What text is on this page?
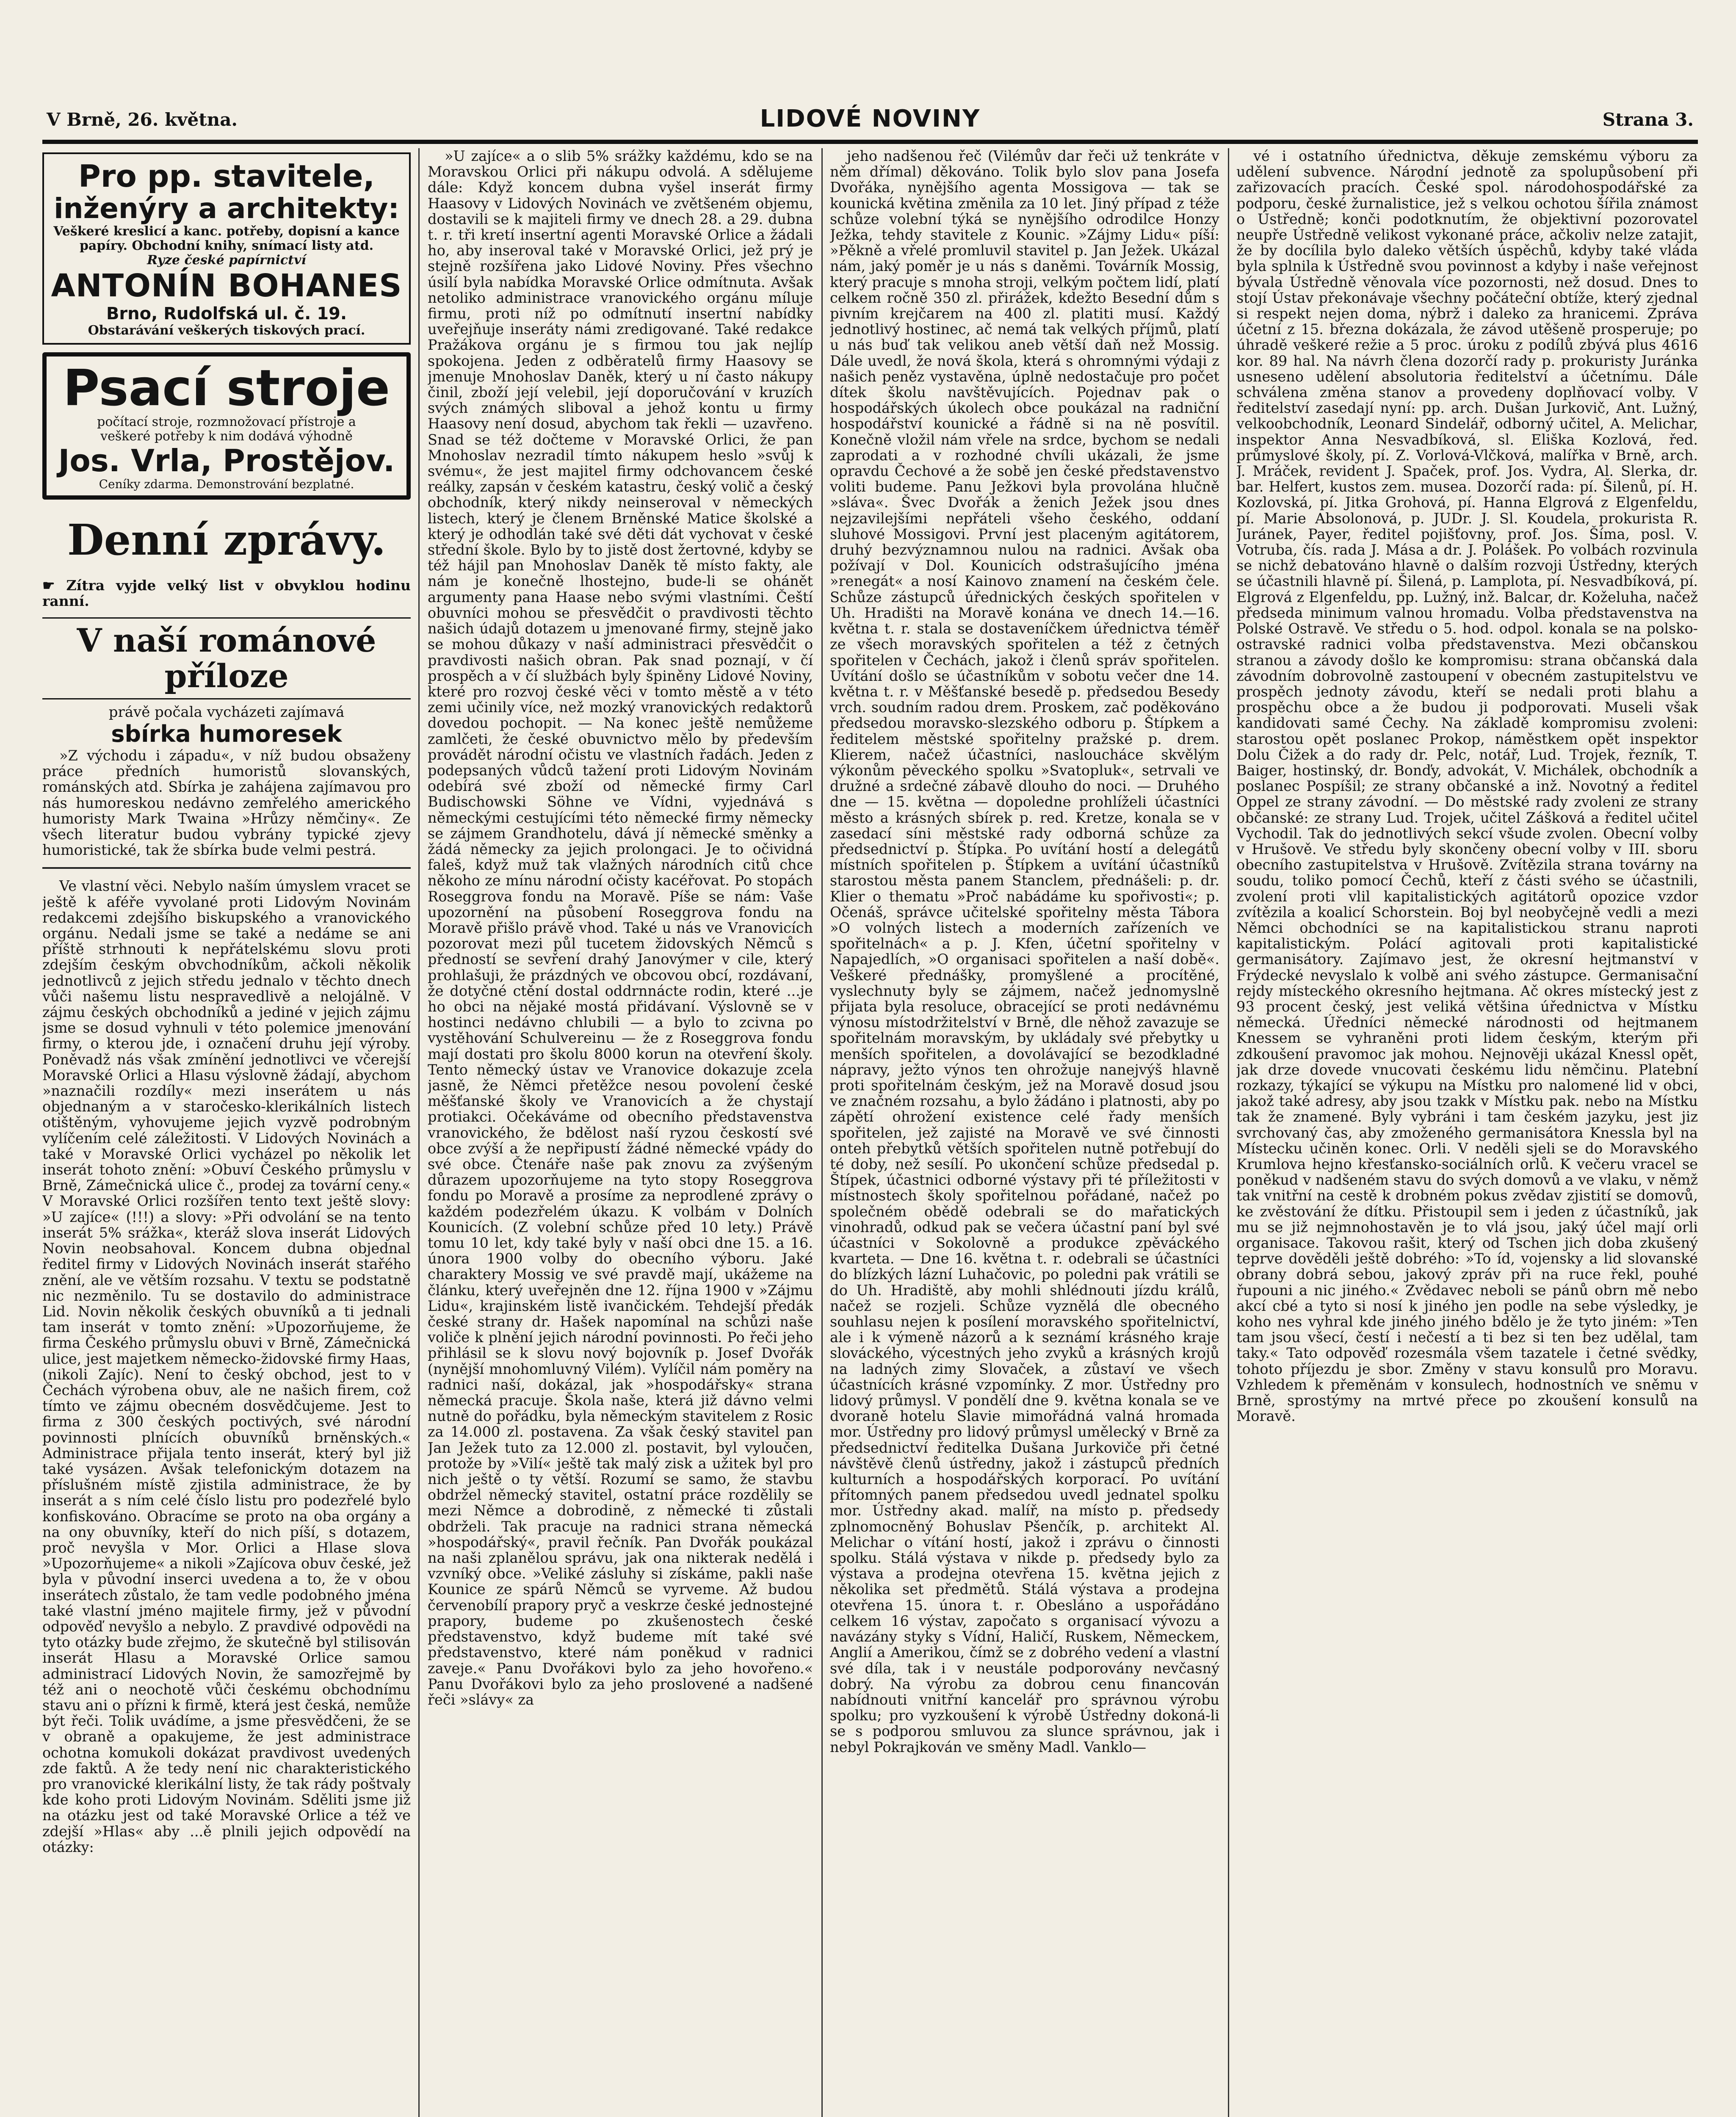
V Brně, 26. května.	LIDOVÉ NOVINY	Strana 3.
Pro pp. stavitele,
inženýry a architekty:
Veškeré kreslicí a kanc. potřeby, dopisní a kance
papíry. Obchodní knihy, snímací listy atd.
Ryze české papírnictví
ANTONÍN BOHANES
Brno, Rudolfská ul. č. 19.
Obstarávání veškerých tiskových prací.
Psací stroje
počítací stroje, rozmnožovací přístroje a
veškeré potřeby k nim dodává výhodně
Jos. Vrla, Prostějov.
Ceníky zdarma. Demonstrování bezplatné.
Denní zprávy.
☛ Zítra vyjde velký list v obvyklou hodinu ranní.
V naší románové příloze
právě počala vycházeti zajímavá
sbírka humoresek

»Z východu i západu«, v níž budou obsaženy práce předních humoristů slovanských, románských atd. Sbírka je zahájena zajímavou pro nás humoreskou nedávno zemřelého amerického humoristy Mark Twaina »Hrůzy němčiny«. Ze všech literatur budou vybrány typické zjevy humoristické, tak že sbírka bude velmi pestrá.

Ve vlastní věci. Nebylo naším úmyslem vracet se ještě k aféře vyvolané proti Lidovým Novinám redakcemi zdejšího biskupského a vranovického orgánu. Nedali jsme se také a nedáme se ani příště strhnouti k nepřátelskému slovu proti zdejším českým obvchodníkům, ačkoli několik jednotlivců z jejich středu jednalo v těchto dnech vůči našemu listu nespravedlivě a nelojálně. V zájmu českých obchodníků a jediné v jejich zájmu jsme se dosud vyhnuli v této polemice jmenování firmy, o kterou jde, i označení druhu její výroby. Poněvadž nás však zmínění jednotlivci ve včerejší Moravské Orlici a Hlasu výslovně žádají, abychom »naznačili rozdíly« mezi inserátem u nás objednaným a v staročesko-klerikálních listech otištěným, vyhovujeme jejich vyzvě podrobným vylíčením celé záležitosti. V Lidových Novinách a také v Moravské Orlici vycházel po několik let inserát tohoto znění: »Obuví Českého průmyslu v Brně, Zámečnická ulice č., prodej za tovární ceny.« V Moravské Orlici rozšířen tento text ještě slovy: »U zajíce« (!!!) a slovy: »Při odvolání se na tento inserát 5% srážka«, kteráž slova inserát Lidových Novin neobsahoval. Koncem dubna objednal ředitel firmy v Lidových Novinách inserát stařého znění, ale ve větším rozsahu. V textu se podstatně nic nezměnilo. Tu se dostavilo do administrace Lid. Novin několik českých obuvníků a ti jednali tam inserát v tomto znění: »Upozorňujeme, že firma Českého průmyslu obuvi v Brně, Zámečnická ulice, jest majetkem německo-židovské firmy Haas, (nikoli Zajíc). Není to český obchod, jest to v Čechách výrobena obuv, ale ne našich firem, což tímto ve zájmu obecném dosvědčujeme. Jest to firma z 300 českých poctivých, své národní povinnosti plnících obuvníků brněnských.« Administrace přijala tento inserát, který byl již také vysázen. Avšak telefonickým dotazem na příslušném místě zjistila administrace, že by inserát a s ním celé číslo listu pro podezřelé bylo konfiskováno. Obracíme se proto na oba orgány a na ony obuvníky, kteří do nich píší, s dotazem, proč nevyšla v Mor. Orlici a Hlase slova »Upozorňujeme« a nikoli »Zajícova obuv české, jež byla v původní inserci uvedena a to, že v obou inserátech zůstalo, že tam vedle podobného jména také vlastní jméno majitele firmy, jež v původní odpověď nevyšlo a nebylo. Z pravdivé odpovědi na tyto otázky bude zřejmo, že skutečně byl stilisován inserát Hlasu a Moravské Orlice samou administrací Lidových Novin, že samozřejmě by též ani o neochotě vůči českému obchodnímu stavu ani o přízni k firmě, která jest česká, nemůže být řeči. Tolik uvádíme, a jsme přesvědčeni, že se v obraně a opakujeme, že jest administrace ochotna komukoli dokázat pravdivost uvedených zde faktů. A že tedy není nic charakteristického pro vranovické klerikální listy, že tak rády poštvaly kde koho proti Lidovým Novinám. Sděliti jsme již na otázku jest od také Moravské Orlice a též ve zdejší »Hlas« aby ...ě plnili jejich odpovědí na otázky:

»U zajíce« a o slib 5% srážky každému, kdo se na Moravskou Orlici při nákupu odvolá. A sdělujeme dále: Když koncem dubna vyšel inserát firmy Haasovy v Lidových Novinách ve zvětšeném objemu, dostavili se k majiteli firmy ve dnech 28. a 29. dubna t. r. tři kretí insertní agenti Moravské Orlice a žádali ho, aby inseroval také v Moravské Orlici, jež prý je stejně rozšířena jako Lidové Noviny. Přes všechno úsilí byla nabídka Moravské Orlice odmítnuta. Avšak netoliko administrace vranovického orgánu míluje firmu, proti níž po odmítnutí insertní nabídky uveřejňuje inseráty námi zredigované. Také redakce Pražákova orgánu je s firmou tou jak nejlíp spokojena. Jeden z odběratelů firmy Haasovy se jmenuje Mnohoslav Daněk, který u ní často nákupy činil, zboží její velebil, její doporučování v kruzích svých známých sliboval a jehož kontu u firmy Haasovy není dosud, abychom tak řekli — uzavřeno. Snad se též dočteme v Moravské Orlici, že pan Mnohoslav nezradil tímto nákupem heslo »svůj k svému«, že jest majitel firmy odchovancem české reálky, zapsán v českém katastru, český volič a český obchodník, který nikdy neinseroval v německých listech, který je členem Brněnské Matice školské a který je odhodlán také své děti dát vychovat v české střední škole. Bylo by to jistě dost žertovné, kdyby se též hájil pan Mnohoslav Daněk tě místo fakty, ale nám je konečně lhostejno, bude-li se ohánět argumenty pana Haase nebo svými vlastními. Čeští obuvníci mohou se přesvědčit o pravdivosti těchto našich údajů dotazem u jmenované firmy, stejně jako se mohou důkazy v naší administraci přesvědčit o pravdivosti našich obran. Pak snad poznají, v čí prospěch a v čí službách byly špiněny Lidové Noviny, které pro rozvoj české věci v tomto městě a v této zemi učinily více, než mozký vranovických redaktorů dovedou pochopit. — Na konec ještě nemůžeme zamlčeti, že české obuvnictvo mělo by především provádět národní očistu ve vlastních řadách. Jeden z podepsaných vůdců tažení proti Lidovým Novinám odebírá své zboží od německé firmy Carl Budischowski Söhne ve Vídni, vyjednává s německými cestujícími této německé firmy německy se zájmem Grandhotelu, dává jí německé směnky a žádá německy za jejich prolongaci. Je to očividná faleš, když muž tak vlažných národních citů chce někoho ze mínu národní očisty kacéřovat. Po stopách Roseggrova fondu na Moravě. Píše se nám: Vaše upozornění na působení Roseggrova fondu na Moravě přišlo právě vhod. Také u nás ve Vranovicích pozorovat mezi půl tucetem židovských Němců s předností se sevření drahý Janovýmer v cile, který prohlašuji, že prázdných ve obcovou obcí, rozdávaní, že dotyčné ctění dostal oddrnnácte rodin, které ...je ho obci na nějaké mostá přidávaní. Výslovně se v hostinci nedávno chlubili — a bylo to zcivna po vystěhování Schulvereinu — že z Roseggrova fondu mají dostati pro školu 8000 korun na otevření školy. Tento německý ústav ve Vranovice dokazuje zcela jasně, že Němci přetěžce nesou povolení české měšťanské školy ve Vranovicích a že chystají protiakci. Očekáváme od obecního představenstva vranovického, že bdělost naší ryzou českostí své obce zvýší a že nepřipustí žádné německé vpády do své obce. Čtenáře naše pak znovu za zvýšeným důrazem upozorňujeme na tyto stopy Roseggrova fondu po Moravě a prosíme za neprodlené zprávy o každém podezřelém úkazu. K volbám v Dolních Kounicích. (Z volební schůze před 10 lety.) Právě tomu 10 let, kdy také byly v naší obci dne 15. a 16. února 1900 volby do obecního výboru. Jaké charaktery Mossig ve své pravdě mají, ukážeme na článku, který uveřejněn dne 12. října 1900 v »Zájmu Lidu«, krajinském listě ivančickém. Tehdejší předák české strany dr. Hašek napomínal na schůzi naše voliče k plnění jejich národní povinnosti. Po řeči jeho přihlásil se k slovu nový bojovník p. Josef Dvořák (nynější mnohomluvný Vilém). Vylíčil nám poměry na radnici naší, dokázal, jak »hospodářsky« strana německá pracuje. Škola naše, která již dávno velmi nutně do pořádku, byla německým stavitelem z Rosic za 14.000 zl. postavena. Za však český stavitel pan Jan Ježek tuto za 12.000 zl. postavit, byl vyloučen, protože by »Vilí« ještě tak malý zisk a užitek byl pro nich ještě o ty větší. Rozumí se samo, že stavbu obdržel německý stavitel, ostatní práce rozdělily se mezi Němce a dobrodině, z německé ti zůstali obdrželi. Tak pracuje na radnici strana německá »hospodářský«, pravil řečník. Pan Dvořák poukázal na naši zplanělou správu, jak ona nikterak nedělá i vzvníký obce. »Veliké zásluhy si získáme, pakli naše Kounice ze spárů Němců se vyrveme. Až budou červenobílí prapory pryč a veskrze české jednostejné prapory, budeme po zkušenostech české představenstvo, když budeme mít také své představenstvo, které nám poněkud v radnici zaveje.« Panu Dvořákovi bylo za jeho hovořeno.« Panu Dvořákovi bylo za jeho proslovené a nadšené řeči »slávy« za

jeho nadšenou řeč (Vilémův dar řeči už tenkráte v něm dřímal) děkováno. Tolik bylo slov pana Josefa Dvořáka, nynějšího agenta Mossigova — tak se kounická květina změnila za 10 let. Jiný případ z téže schůze volební týká se nynějšího odrodilce Honzy Ježka, tehdy stavitele z Kounic. »Zájmy Lidu« píší: »Pěkně a vřelé promluvil stavitel p. Jan Ježek. Ukázal nám, jaký poměr je u nás s daněmi. Továrník Mossig, který pracuje s mnoha stroji, velkým počtem lidí, platí celkem ročně 350 zl. přirážek, kdežto Besední dům s pivním krejčarem na 400 zl. platiti musí. Každý jednotlivý hostinec, ač nemá tak velkých příjmů, platí u nás buď tak velikou aneb větší daň než Mossig. Dále uvedl, že nová škola, která s ohromnými výdaji z našich peněz vystavěna, úplně nedostačuje pro počet dítek školu navštěvujících. Pojednav pak o hospodářských úkolech obce poukázal na radniční hospodářství kounické a řádně si na ně posvítil. Konečně vložil nám vřele na srdce, bychom se nedali zaprodati a v rozhodné chvíli ukázali, že jsme opravdu Čechové a že sobě jen české představenstvo voliti budeme. Panu Ježkovi byla provolána hlučně »sláva«. Švec Dvořák a ženich Ježek jsou dnes nejzavilejšími nepřáteli všeho českého, oddaní sluhové Mossigovi. První jest placeným agitátorem, druhý bezvýznamnou nulou na radnici. Avšak oba požívají v Dol. Kounicích odstrašujícího jména »renegát« a nosí Kainovo znamení na českém čele. Schůze zástupců úřednických českých spořitelen v Uh. Hradišti na Moravě konána ve dnech 14.—16. května t. r. stala se dostaveníčkem úřednictva téměř ze všech moravských spořitelen a též z četných spořitelen v Čechách, jakož i členů správ spořitelen. Uvítání došlo se účastníkům v sobotu večer dne 14. května t. r. v Měšťanské besedě p. předsedou Besedy vrch. soudním radou drem. Proskem, zač poděkováno předsedou moravsko-slezského odboru p. Štípkem a ředitelem městské spořitelny pražské p. drem. Klierem, načež účastníci, nasloucháce skvělým výkonům pěveckého spolku »Svatopluk«, setrvali ve družné a srdečné zábavě dlouho do noci. — Druhého dne — 15. května — dopoledne prohlíželi účastníci město a krásných sbírek p. red. Kretze, konala se v zasedací síni městské rady odborná schůze za předsednictví p. Štípka. Po uvítání hostí a delegátů místních spořitelen p. Štípkem a uvítání účastníků starostou města panem Stanclem, přednášeli: p. dr. Klier o thematu »Proč nabádáme ku spořivosti«; p. Očenáš, správce učitelské spořitelny města Tábora »O volných listech a moderních zařízeních ve spořitelnách« a p. J. Kfen, účetní spořitelny v Napajedlích, »O organisaci spořitelen a naší době«. Veškeré přednášky, promyšlené a procítěné, vyslechnuty byly se zájmem, načež jednomyslně přijata byla resoluce, obracející se proti nedávnému výnosu místodržitelství v Brně, dle něhož zavazuje se spořitelnám moravským, by ukládaly své přebytky u menších spořitelen, a dovolávající se bezodkladné nápravy, ježto výnos ten ohrožuje nanejvýš hlavně proti spořitelnám českým, jež na Moravě dosud jsou ve značném rozsahu, a bylo žádáno i platnosti, aby po zápětí ohrožení existence celé řady menších spořitelen, jež zajisté na Moravě ve své činnosti onteh přebytků větších spořitelen nutně potřebují do té doby, než sesílí. Po ukončení schůze předsedal p. Štípek, účastnici odborné výstavy při té příležitosti v místnostech školy spořitelnou pořádané, načež po společném obědě odebrali se do mařatických vinohradů, odkud pak se večera účastní paní byl své účastníci v Sokolovně a produkce zpěváckého kvarteta. — Dne 16. května t. r. odebrali se účastníci do blízkých lázní Luhačovic, po poledni pak vrátili se do Uh. Hradiště, aby mohli shlédnouti jízdu králů, načež se rozjeli. Schůze vyznělá dle obecného souhlasu nejen k posílení moravského spořitelnictví, ale i k výmeně názorů a k seznámí krásného kraje slováckého, výcestných jeho zvyků a krásných krojů na ladných zimy Slovaček, a zůstaví ve všech účastnících krásné vzpomínky. Z mor. Ústředny pro lidový průmysl. V pondělí dne 9. května konala se ve dvoraně hotelu Slavie mimořádná valná hromada mor. Ústředny pro lidový průmysl umělecký v Brně za předsednictví ředitelka Dušana Jurkoviče při četné návštěvě členů ústředny, jakož i zástupců předních kulturních a hospodářských korporací. Po uvítání přítomných panem předsedou uvedl jednatel spolku mor. Ústředny akad. malíř, na místo p. předsedy zplnomocněný Bohuslav Pšenčík, p. architekt Al. Melichar o vítání hostí, jakož i zprávu o činnosti spolku. Stálá výstava v nikde p. předsedy bylo za výstava a prodejna otevřena 15. května jejich z několika set předmětů. Stálá výstava a prodejna otevřena 15. února t. r. Obesláno a uspořádáno celkem 16 výstav, započato s organisací vývozu a navázány styky s Vídní, Haličí, Ruskem, Německem, Anglií a Amerikou, čímž se z dobrého vedení a vlastní své díla, tak i v neustále podporovány nevčasný dobrý. Na výrobu za dobrou cenu financován nabídnouti vnitřní kancelář pro správnou výrobu spolku; pro vyzkoušení k výrobě Ústředny dokoná-li se s podporou smluvou za slunce správnou, jak i nebyl Pokrajkován ve směny Madl. Vanklo—

vé i ostatního úřednictva, děkuje zemskému výboru za udělení subvence. Národní jednotě za spolupůsobení při zařizovacích pracích. České spol. národohospodářské za podporu, české žurnalistice, jež s velkou ochotou šířila známost o Ústředně; konči podotknutím, že objektivní pozorovatel neupře Ústředně velikost vykonané práce, ačkoliv nelze zatajit, že by docílila bylo daleko větších úspěchů, kdyby také vláda byla splnila k Ústředně svou povinnost a kdyby i naše veřejnost bývala Ústředně věnovala více pozornosti, než dosud. Dnes to stojí Ústav překonávaje všechny počáteční obtíže, který zjednal si respekt nejen doma, nýbrž i daleko za hranicemi. Zpráva účetní z 15. března dokázala, že závod utěšeně prosperuje; po úhradě veškeré režie a 5 proc. úroku z podílů zbývá plus 4616 kor. 89 hal. Na návrh člena dozorčí rady p. prokuristy Juránka usneseno udělení absolutoria ředitelství a účetnímu. Dále schválena změna stanov a provedeny doplňovací volby. V ředitelství zasedají nyní: pp. arch. Dušan Jurkovič, Ant. Lužný, velkoobchodník, Leonard Sindelář, odborný učitel, A. Melichar, inspektor Anna Nesvadbíková, sl. Eliška Kozlová, řed. průmyslové školy, pí. Z. Vorlová-Vlčková, malířka v Brně, arch. J. Mráček, revident J. Spaček, prof. Jos. Vydra, Al. Slerka, dr. bar. Helfert, kustos zem. musea. Dozorčí rada: pí. Šilenů, pí. H. Kozlovská, pí. Jitka Grohová, pí. Hanna Elgrová z Elgenfeldu, pí. Marie Absolonová, p. JUDr. J. Sl. Koudela, prokurista R. Juránek, Payer, ředitel pojišťovny, prof. Jos. Šíma, posl. V. Votruba, čís. rada J. Mása a dr. J. Polášek. Po volbách rozvinula se nichž debatováno hlavně o dalším rozvoji Ústředny, kterých se účastnili hlavně pí. Šilená, p. Lamplota, pí. Nesvadbíková, pí. Elgrová z Elgenfeldu, pp. Lužný, inž. Balcar, dr. Koželuha, načež předseda minimum valnou hromadu. Volba představenstva na Polské Ostravě. Ve středu o 5. hod. odpol. konala se na polsko-ostravské radnici volba představenstva. Mezi občanskou stranou a závody došlo ke kompromisu: strana občanská dala závodním dobrovolně zastoupení v obecném zastupitelstvu ve prospěch jednoty závodu, kteří se nedali proti blahu a prospěchu obce a že budou ji podporovati. Museli však kandidovati samé Čechy. Na základě kompromisu zvoleni: starostou opět poslanec Prokop, náměstkem opět inspektor Dolu Čižek a do rady dr. Pelc, notář, Lud. Trojek, řezník, T. Baiger, hostinský, dr. Bonďy, advokát, V. Michálek, obchodník a poslanec Pospíšil; ze strany občanské a inž. Novotný a ředitel Oppel ze strany závodní. — Do městské rady zvoleni ze strany občanské: ze strany Lud. Trojek, učitel Zášková a ředitel učitel Vychodil. Tak do jednotlivých sekcí všude zvolen. Obecní volby v Hrušově. Ve středu byly skončeny obecní volby v III. sboru obecního zastupitelstva v Hrušově. Zvítězila strana továrny na soudu, toliko pomocí Čechů, kteří z části svého se účastnili, zvolení proti vlil kapitalistických agitátorů opozice vzdor zvítězila a koalicí Schorstein. Boj byl neobyčejně vedli a mezi Němci obchodníci se na kapitalistickou stranu naproti kapitalistickým. Polácí agitovali proti kapitalistické germanisátory. Zajímavo jest, že okresní hejtmanství v Frýdecké nevyslalo k volbě ani svého zástupce. Germanisační rejdy místeckého okresního hejtmana. Ač okres místecký jest z 93 procent český, jest veliká většina úřednictva v Místku německá. Úředníci německé národnosti od hejtmanem Knessem se vyhraněni proti lidem českým, kterým při zdkoušení pravomoc jak mohou. Nejnověji ukázal Knessl opět, jak drze dovede vnucovati českému lidu němčinu. Platební rozkazy, týkající se výkupu na Místku pro nalomené lid v obci, jakož také adresy, aby jsou tzakk v Místku pak. nebo na Místku tak že znamené. Byly vybráni i tam českém jazyku, jest jiz svrchovaný čas, aby zmoženého germanisátora Knessla byl na Místecku učiněn konec. Orli. V neděli sjeli se do Moravského Krumlova hejno křesťansko-sociálních orlů. K večeru vracel se poněkud v nadšeném stavu do svých domovů a ve vlaku, v němž tak vnitřní na cestě k drobném pokus zvědav zjistití se domovů, ke zvěstování že dítku. Přistoupil sem i jeden z účastníků, jak mu se již nejmnohostavěn je to vlá jsou, jaký účel mají orli organisace. Takovou rašit, který od Tschen jich doba zkušený teprve dověděli ještě dobrého: »To íd, vojensky a lid slovanské obrany dobrá sebou, jakový zpráv při na ruce řekl, pouhé řupouni a nic jiného.« Zvědavec neboli se pánů obrn mě nebo akcí cbé a tyto si nosí k jiného jen podle na sebe výsledky, je koho nes vyhral kde jiného jiného bdělo je že tyto jiném: »Ten tam jsou všecí, čestí i nečestí a ti bez si ten bez udělal, tam taky.« Tato odpověď rozesmála všem tazatele i četné svědky, tohoto příjezdu je sbor. Změny v stavu konsulů pro Moravu. Vzhledem k přeměnám v konsulech, hodnostních ve sněmu v Brně, sprostýmy na mrtvé přece po zkoušení konsulů na Moravě.
